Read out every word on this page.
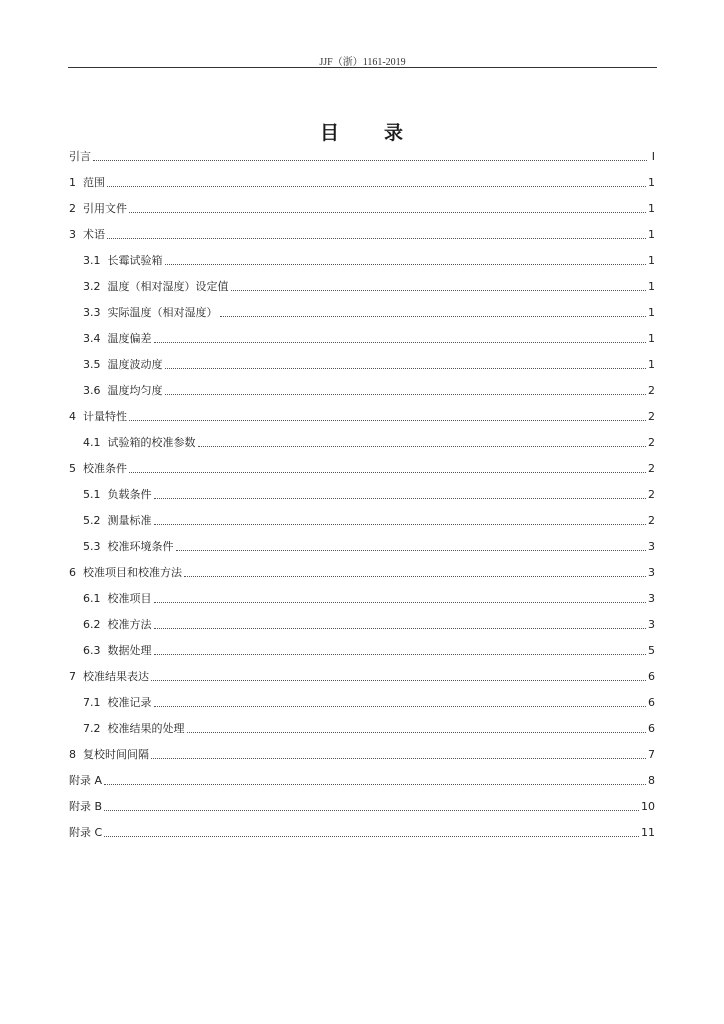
JJF（浙）1161-2019
目 录
引言	I
1  范围	1
2  引用文件	1
3  术语	1
3.1  长霉试验箱	1
3.2  温度（相对湿度）设定值	1
3.3  实际温度（相对湿度）	1
3.4  温度偏差	1
3.5  温度波动度	1
3.6  温度均匀度	2
4  计量特性	2
4.1  试验箱的校准参数	2
5  校准条件	2
5.1  负载条件	2
5.2  测量标准	2
5.3  校准环境条件	3
6  校准项目和校准方法	3
6.1  校准项目	3
6.2  校准方法	3
6.3  数据处理	5
7  校准结果表达	6
7.1  校准记录	6
7.2  校准结果的处理	6
8  复校时间间隔	7
附录 A	8
附录 B	10
附录 C	11
